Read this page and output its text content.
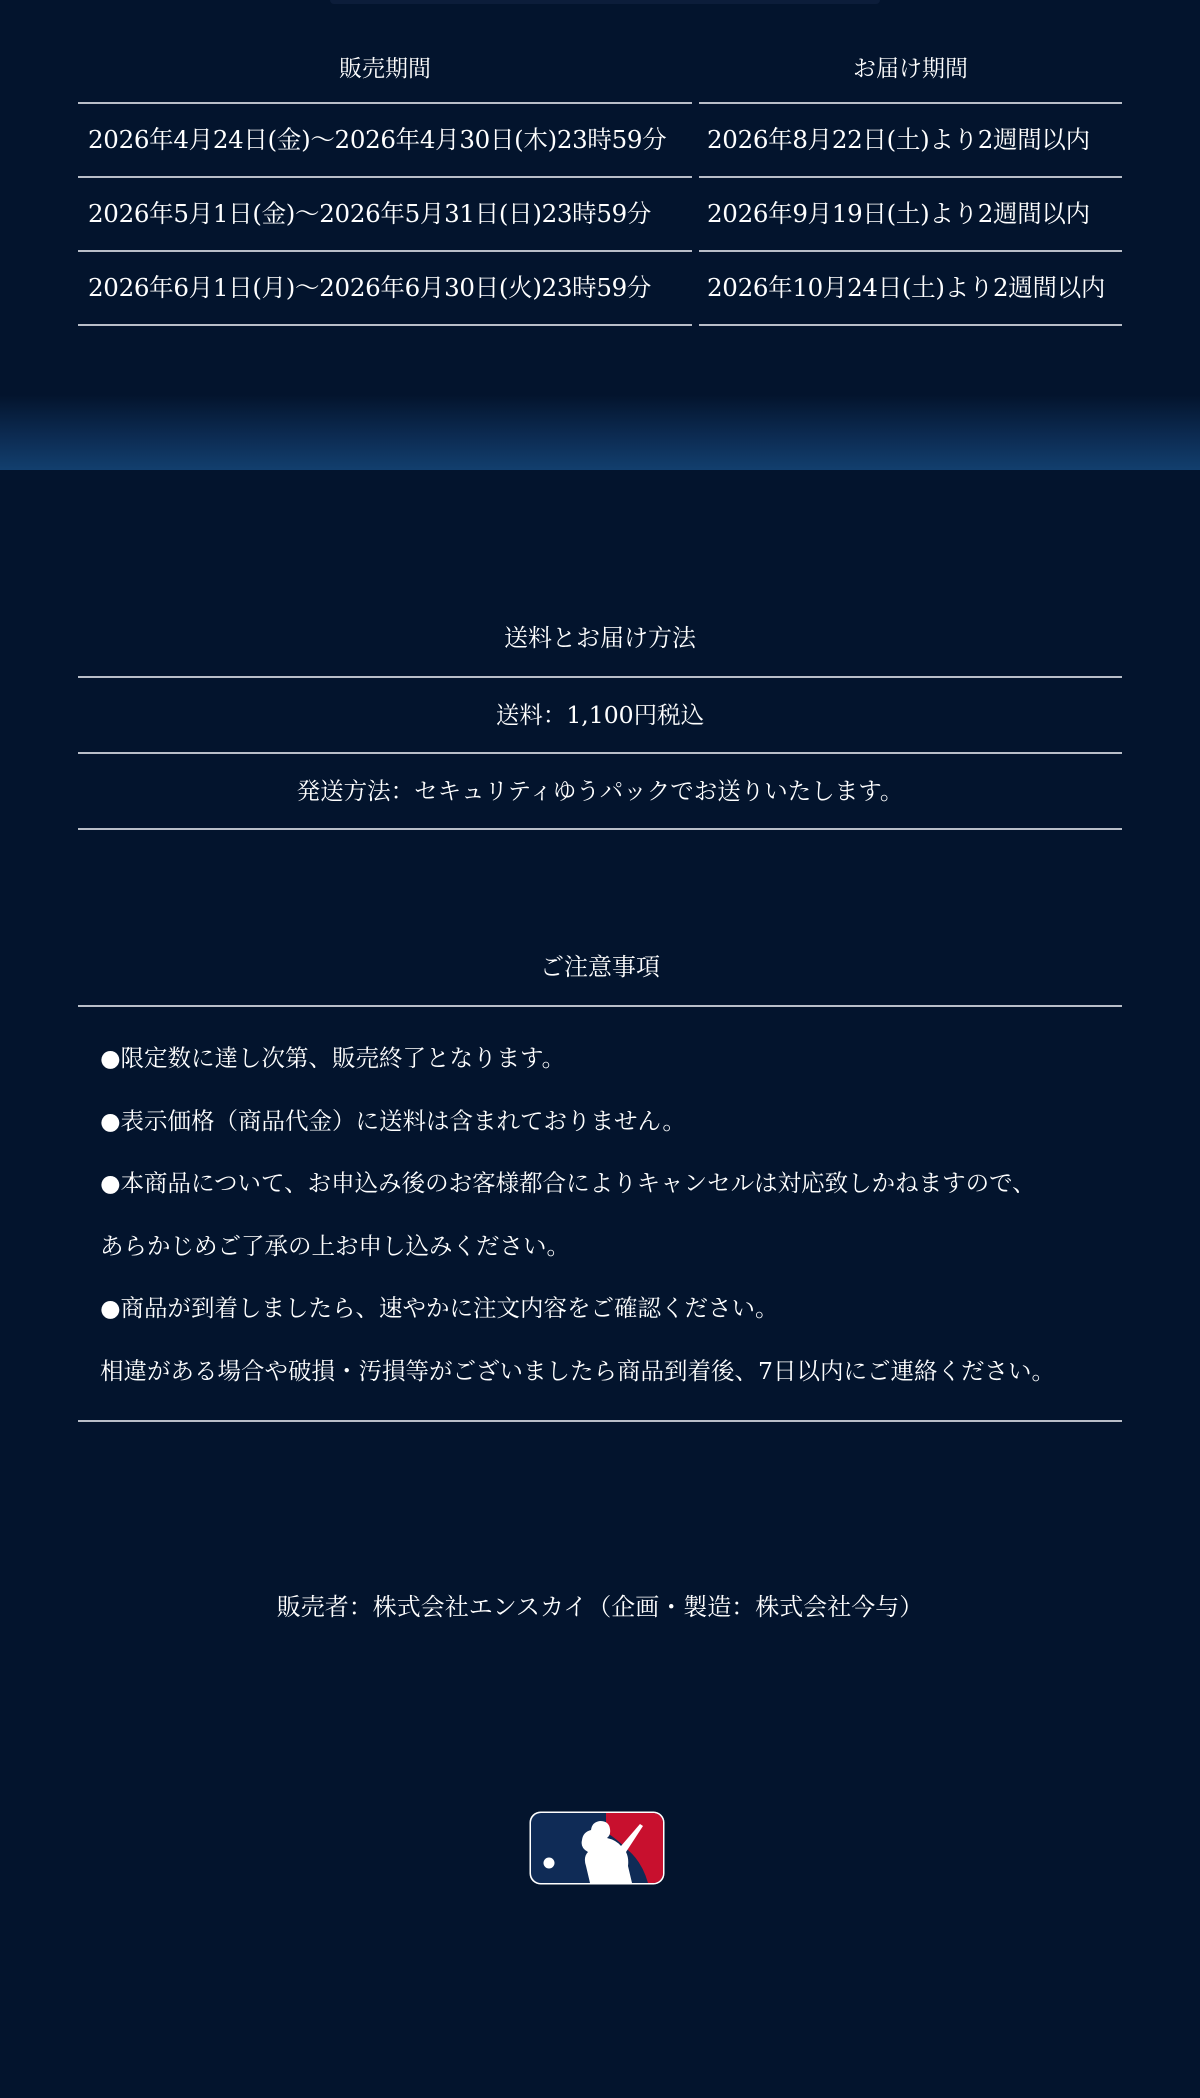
販売期間	お届け期間
2026年4月24日(金)～2026年4月30日(木)23時59分	2026年8月22日(土)より2週間以内
2026年5月1日(金)～2026年5月31日(日)23時59分	2026年9月19日(土)より2週間以内
2026年6月1日(月)～2026年6月30日(火)23時59分	2026年10月24日(土)より2週間以内
送料とお届け方法
送料：1,100円税込
発送方法：セキュリティゆうパックでお送りいたします。
ご注意事項
●限定数に達し次第、販売終了となります。
●表示価格（商品代金）に送料は含まれておりません。
●本商品について、お申込み後のお客様都合によりキャンセルは対応致しかねますので、
あらかじめご了承の上お申し込みください。
●商品が到着しましたら、速やかに注文内容をご確認ください。
相違がある場合や破損・汚損等がございましたら商品到着後、7日以内にご連絡ください。
販売者：株式会社エンスカイ（企画・製造：株式会社今与）
